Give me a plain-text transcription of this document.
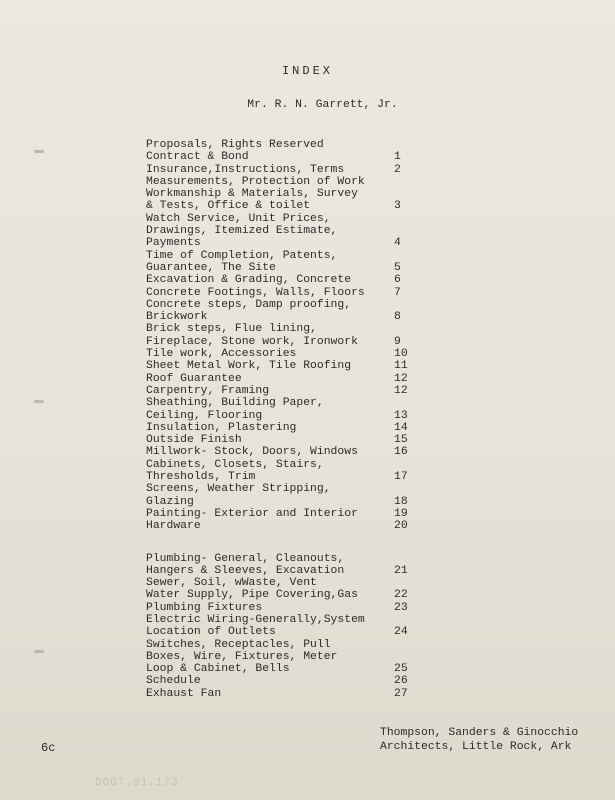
INDEX
Mr. R. N. Garrett, Jr.
Proposals, Rights Reserved
Contract & Bond	1
Insurance,Instructions, Terms	2
Measurements, Protection of Work
Workmanship & Materials, Survey
& Tests, Office & toilet	3
Watch Service, Unit Prices,
Drawings, Itemized Estimate,
Payments	4
Time of Completion, Patents,
Guarantee, The Site	5
Excavation & Grading, Concrete	6
Concrete Footings, Walls, Floors	7
Concrete steps, Damp proofing,
Brickwork	8
Brick steps, Flue lining,
Fireplace, Stone work, Ironwork	9
Tile work, Accessories	10
Sheet Metal Work, Tile Roofing	11
Roof Guarantee	12
Carpentry, Framing	12
Sheathing, Building Paper,
Ceiling, Flooring	13
Insulation, Plastering	14
Outside Finish	15
Millwork- Stock, Doors, Windows	16
Cabinets, Closets, Stairs,
Thresholds, Trim	17
Screens, Weather Stripping,
Glazing	18
Painting- Exterior and Interior	19
Hardware	20
Plumbing- General, Cleanouts,
Hangers & Sleeves, Excavation	21
Sewer, Soil, wWaste, Vent
Water Supply, Pipe Covering,Gas	22
Plumbing Fixtures	23
Electric Wiring-Generally,System
Location of Outlets	24
Switches, Receptacles, Pull
Boxes, Wire, Fixtures, Meter
Loop & Cabinet, Bells	25
Schedule	26
Exhaust Fan	27
6c
Thompson, Sanders & Ginocchio
Architects, Little Rock, Ark
DOOT.01.173
